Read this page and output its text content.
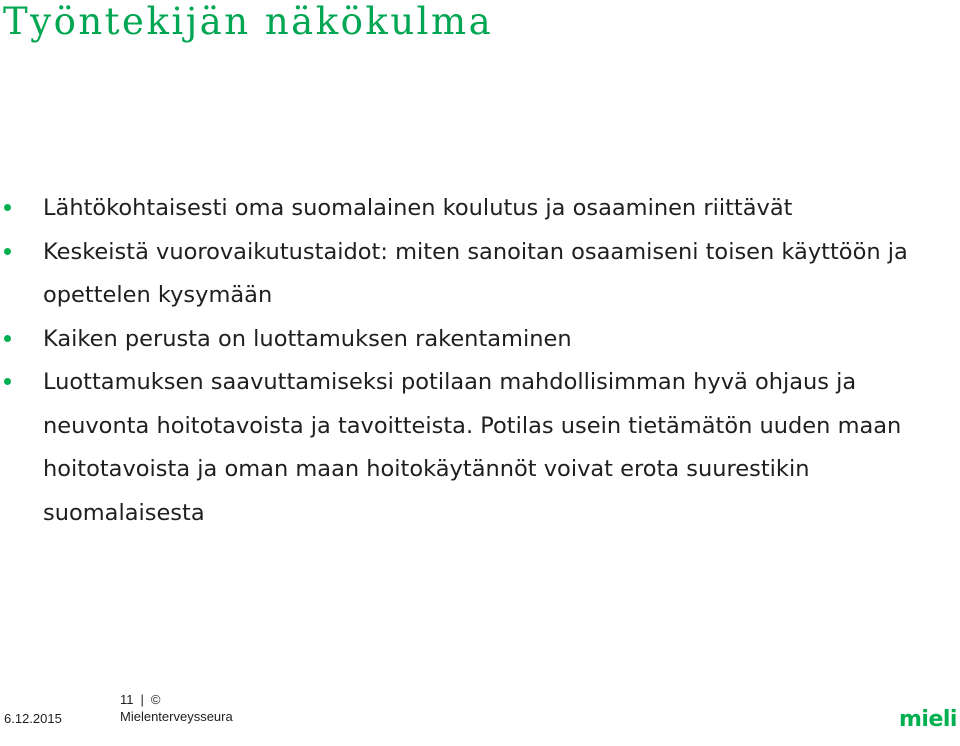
Työntekijän näkökulma
Lähtökohtaisesti oma suomalainen koulutus ja osaaminen riittävät
Keskeistä vuorovaikutustaidot: miten sanoitan osaamiseni toisen käyttöön ja opettelen kysymään
Kaiken perusta on luottamuksen rakentaminen
Luottamuksen saavuttamiseksi potilaan mahdollisimman hyvä ohjaus ja neuvonta hoitotavoista ja tavoitteista. Potilas usein tietämätön uuden maan hoitotavoista ja oman maan hoitokäytännöt voivat erota suurestikin suomalaisesta
6.12.2015
11 | ©
Mielenterveysseura	mieli
